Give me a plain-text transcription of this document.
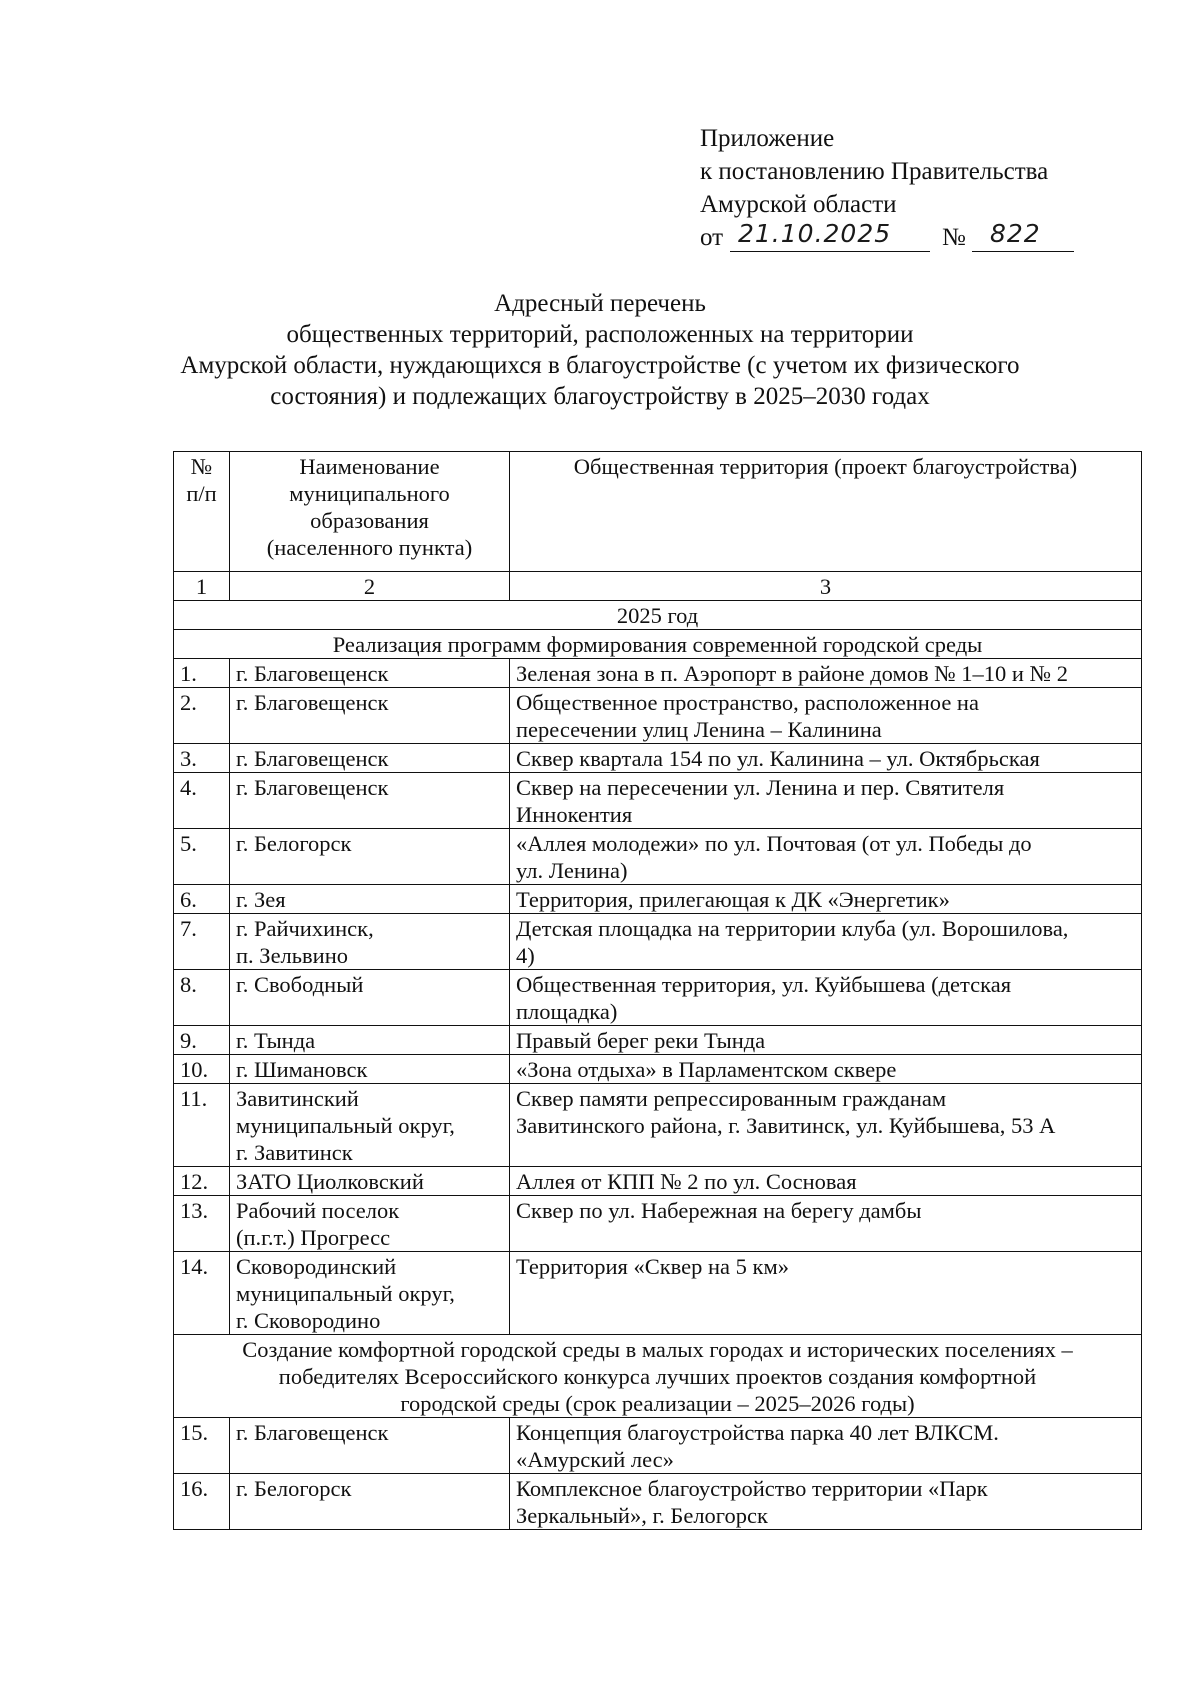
Приложение
к постановлению Правительства
Амурской области
от 21.10.2025 № 822
Адресный перечень
общественных территорий, расположенных на территории
Амурской области, нуждающихся в благоустройстве (с учетом их физического
состояния) и подлежащих благоустройству в 2025–2030 годах
№
п/п	Наименование
муниципального
образования
(населенного пункта)	Общественная территория (проект благоустройства)
1	2	3
2025 год		
Реализация программ формирования современной городской среды		
1.	г. Благовещенск	Зеленая зона в п. Аэропорт в районе домов № 1–10 и № 2
2.	г. Благовещенск	Общественное пространство, расположенное на
пересечении улиц Ленина – Калинина
3.	г. Благовещенск	Сквер квартала 154 по ул. Калинина – ул. Октябрьская
4.	г. Благовещенск	Сквер на пересечении ул. Ленина и пер. Святителя
Иннокентия
5.	г. Белогорск	«Аллея молодежи» по ул. Почтовая (от ул. Победы до
ул. Ленина)
6.	г. Зея	Территория, прилегающая к ДК «Энергетик»
7.	г. Райчихинск,
п. Зельвино	Детская площадка на территории клуба (ул. Ворошилова,
4)
8.	г. Свободный	Общественная территория, ул. Куйбышева (детская
площадка)
9.	г. Тында	Правый берег реки Тында
10.	г. Шимановск	«Зона отдыха» в Парламентском сквере
11.	Завитинский
муниципальный округ,
г. Завитинск	Сквер памяти репрессированным гражданам
Завитинского района, г. Завитинск, ул. Куйбышева, 53 А
12.	ЗАТО Циолковский	Аллея от КПП № 2 по ул. Сосновая
13.	Рабочий поселок
(п.г.т.) Прогресс	Сквер по ул. Набережная на берегу дамбы
14.	Сковородинский
муниципальный округ,
г. Сковородино	Территория «Сквер на 5 км»
Создание комфортной городской среды в малых городах и исторических поселениях –
победителях Всероссийского конкурса лучших проектов создания комфортной
городской среды (срок реализации – 2025–2026 годы)		
15.	г. Благовещенск	Концепция благоустройства парка 40 лет ВЛКСМ.
«Амурский лес»
16.	г. Белогорск	Комплексное благоустройство территории «Парк
Зеркальный», г. Белогорск
